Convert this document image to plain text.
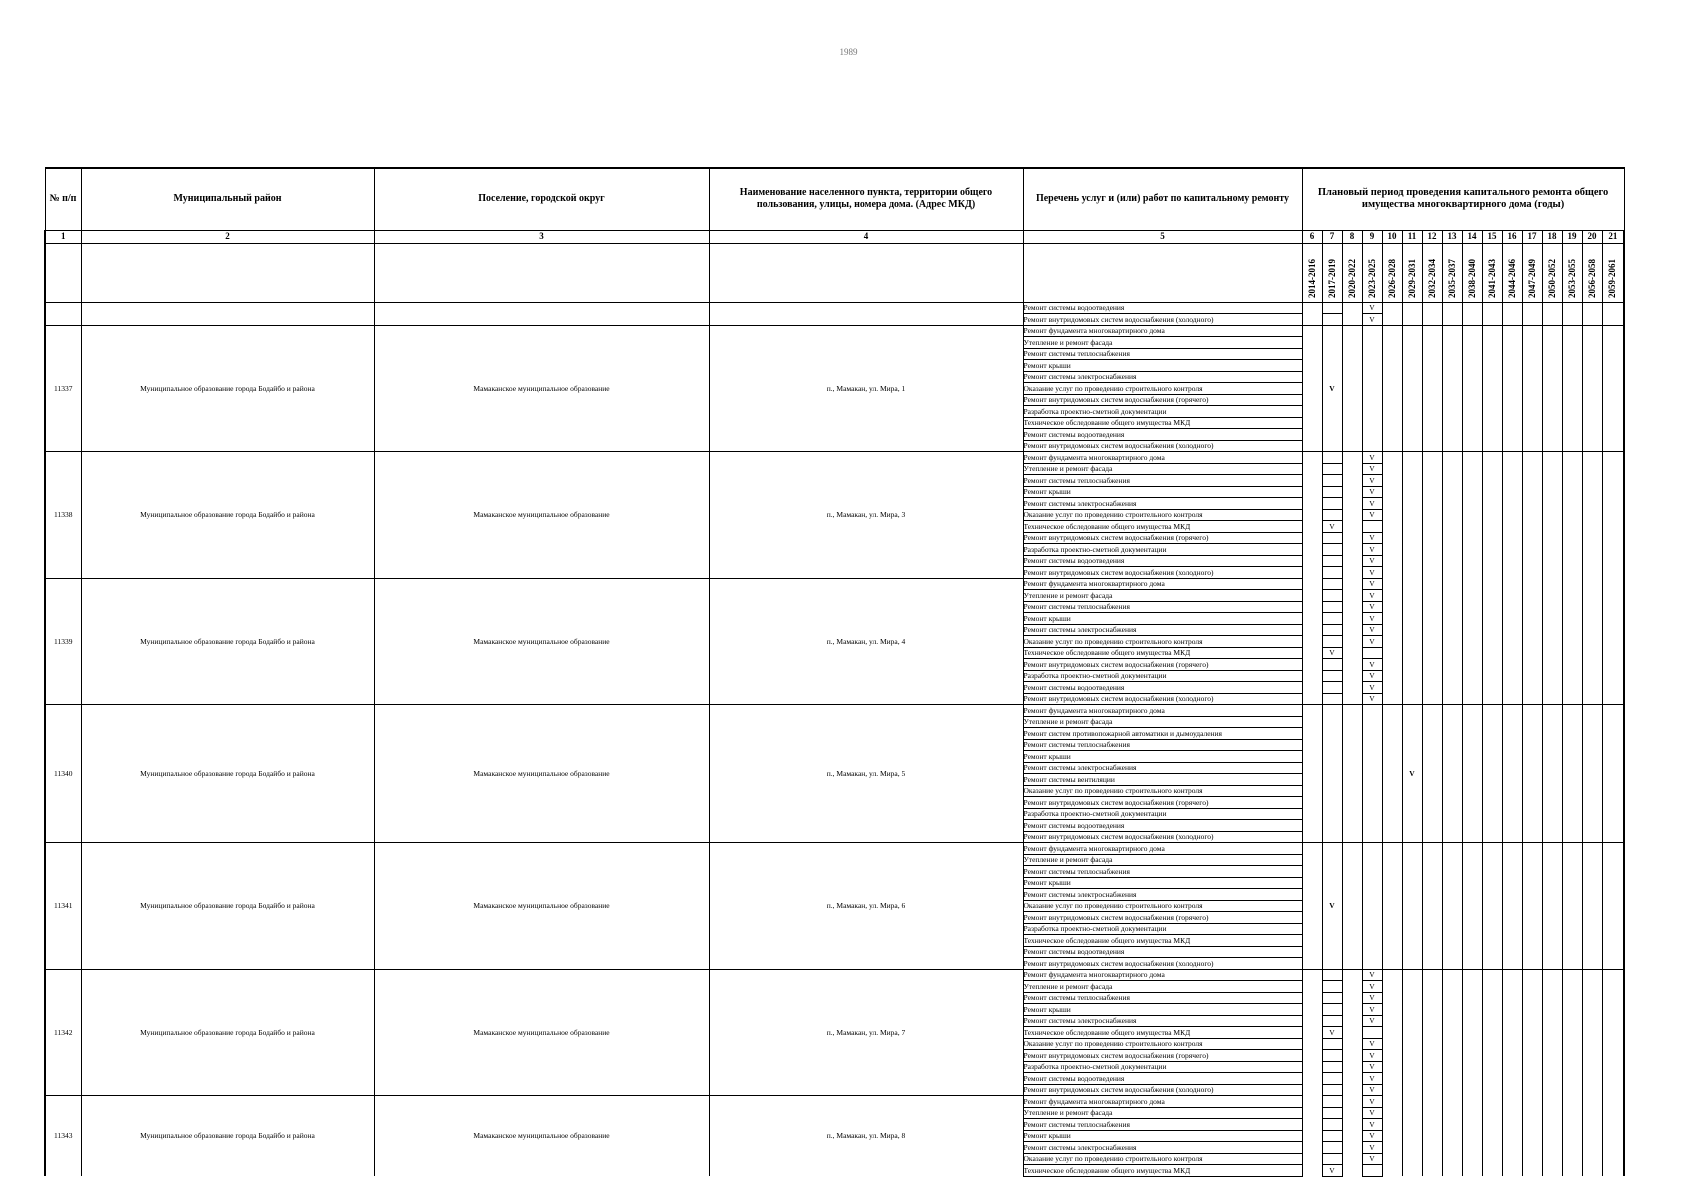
1989
№ п/п	Муниципальный район	Поселение, городской округ	Наименование населенного пункта, территории общего пользования, улицы, номера дома. (Адрес МКД)	Перечень услуг и (или) работ по капитальному ремонту	Плановый период проведения капитального ремонта общего имущества многоквартирного дома (годы)															
1	2	3	4	5	6	7	8	9	10	11	12	13	14	15	16	17	18	19	20	21
					2014-2016	2017-2019	2020-2022	2023-2025	2026-2028	2029-2031	2032-2034	2035-2037	2038-2040	2041-2043	2044-2046	2047-2049	2050-2052	2053-2055	2056-2058	2059-2061
				Ремонт системы водоотведения				V												
				Ремонт внутридомовых систем водоснабжения (холодного)				V												
11337	Муниципальное образование города Бодайбо и района	Мамаканское муниципальное образование	п., Мамакан, ул. Мира, 1	Ремонт фундамента многоквартирного дома		V														
				Утепление и ремонт фасада																
				Ремонт системы теплоснабжения																
				Ремонт крыши																
				Ремонт системы электроснабжения																
				Оказание услуг по проведению строительного контроля																
				Ремонт внутридомовых систем водоснабжения (горячего)																
				Разработка проектно-сметной документации																
				Техническое обследование общего имущества МКД																
				Ремонт системы водоотведения																
				Ремонт внутридомовых систем водоснабжения (холодного)																
11338	Муниципальное образование города Бодайбо и района	Мамаканское муниципальное образование	п., Мамакан, ул. Мира, 3	Ремонт фундамента многоквартирного дома				V												
				Утепление и ремонт фасада				V												
				Ремонт системы теплоснабжения				V												
				Ремонт крыши				V												
				Ремонт системы электроснабжения				V												
				Оказание услуг по проведению строительного контроля				V												
				Техническое обследование общего имущества МКД		V														
				Ремонт внутридомовых систем водоснабжения (горячего)				V												
				Разработка проектно-сметной документации				V												
				Ремонт системы водоотведения				V												
				Ремонт внутридомовых систем водоснабжения (холодного)				V												
11339	Муниципальное образование города Бодайбо и района	Мамаканское муниципальное образование	п., Мамакан, ул. Мира, 4	Ремонт фундамента многоквартирного дома				V												
				Утепление и ремонт фасада				V												
				Ремонт системы теплоснабжения				V												
				Ремонт крыши				V												
				Ремонт системы электроснабжения				V												
				Оказание услуг по проведению строительного контроля				V												
				Техническое обследование общего имущества МКД		V														
				Ремонт внутридомовых систем водоснабжения (горячего)				V												
				Разработка проектно-сметной документации				V												
				Ремонт системы водоотведения				V												
				Ремонт внутридомовых систем водоснабжения (холодного)				V												
11340	Муниципальное образование города Бодайбо и района	Мамаканское муниципальное образование	п., Мамакан, ул. Мира, 5	Ремонт фундамента многоквартирного дома						V										
				Утепление и ремонт фасада																
				Ремонт систем противопожарной автоматики и дымоудаления																
				Ремонт системы теплоснабжения																
				Ремонт крыши																
				Ремонт системы электроснабжения																
				Ремонт системы вентиляции																
				Оказание услуг по проведению строительного контроля																
				Ремонт внутридомовых систем водоснабжения (горячего)																
				Разработка проектно-сметной документации																
				Ремонт системы водоотведения																
				Ремонт внутридомовых систем водоснабжения (холодного)																
11341	Муниципальное образование города Бодайбо и района	Мамаканское муниципальное образование	п., Мамакан, ул. Мира, 6	Ремонт фундамента многоквартирного дома		V														
				Утепление и ремонт фасада																
				Ремонт системы теплоснабжения																
				Ремонт крыши																
				Ремонт системы электроснабжения																
				Оказание услуг по проведению строительного контроля																
				Ремонт внутридомовых систем водоснабжения (горячего)																
				Разработка проектно-сметной документации																
				Техническое обследование общего имущества МКД																
				Ремонт системы водоотведения																
				Ремонт внутридомовых систем водоснабжения (холодного)																
11342	Муниципальное образование города Бодайбо и района	Мамаканское муниципальное образование	п., Мамакан, ул. Мира, 7	Ремонт фундамента многоквартирного дома				V												
				Утепление и ремонт фасада				V												
				Ремонт системы теплоснабжения				V												
				Ремонт крыши				V												
				Ремонт системы электроснабжения				V												
				Техническое обследование общего имущества МКД		V														
				Оказание услуг по проведению строительного контроля				V												
				Ремонт внутридомовых систем водоснабжения (горячего)				V												
				Разработка проектно-сметной документации				V												
				Ремонт системы водоотведения				V												
				Ремонт внутридомовых систем водоснабжения (холодного)				V												
11343	Муниципальное образование города Бодайбо и района	Мамаканское муниципальное образование	п., Мамакан, ул. Мира, 8	Ремонт фундамента многоквартирного дома				V												
				Утепление и ремонт фасада				V												
				Ремонт системы теплоснабжения				V												
				Ремонт крыши				V												
				Ремонт системы электроснабжения				V												
				Оказание услуг по проведению строительного контроля				V												
				Техническое обследование общего имущества МКД		V														
